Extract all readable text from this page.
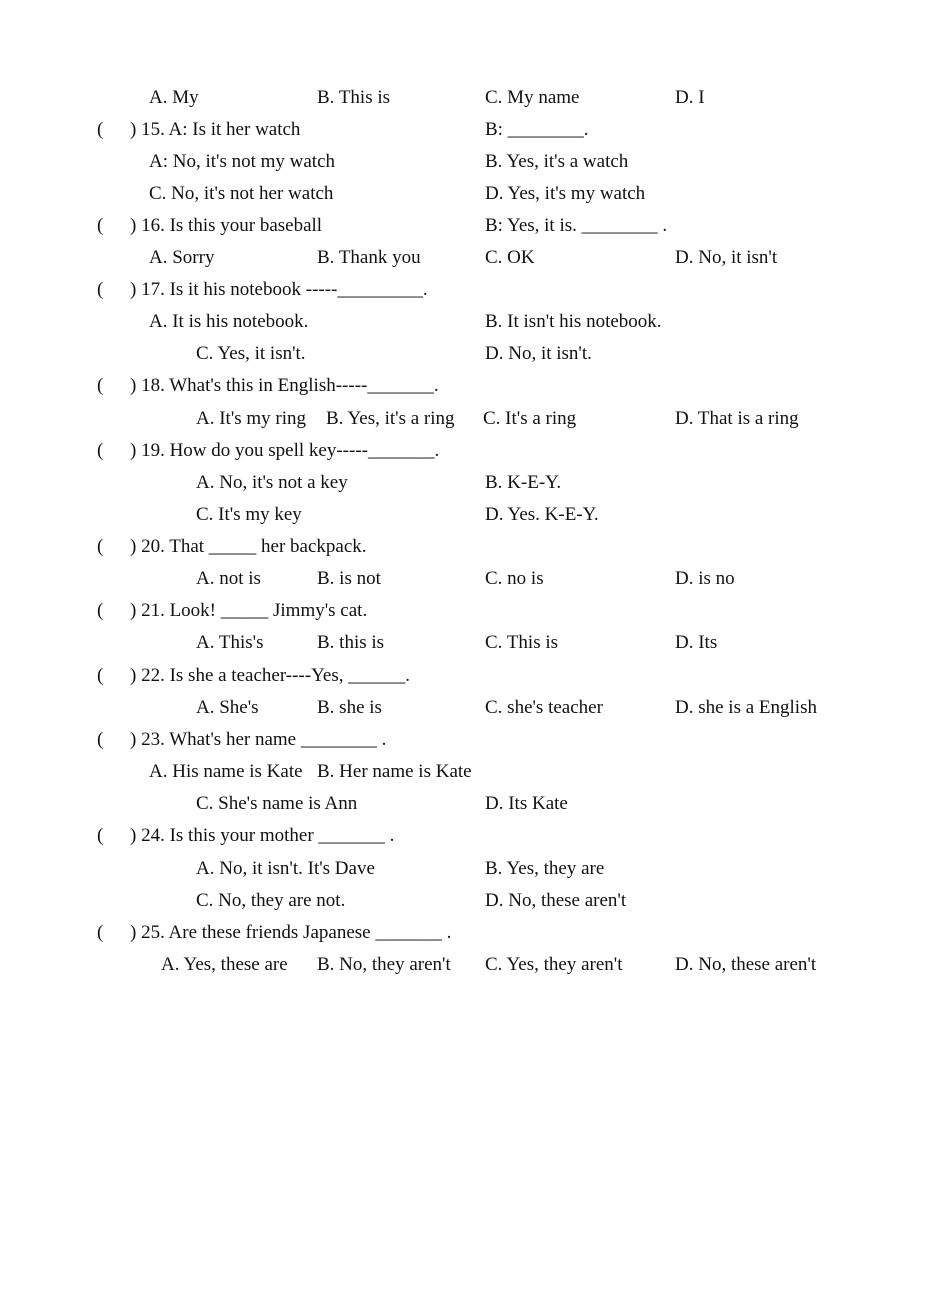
A. My	B. This is	C. My name	D. I
( ) 15. A: Is it her watch	B: ________.
A: No, it's not my watch	B. Yes, it's a watch
C. No, it's not her watch	D. Yes, it's my watch
( ) 16. Is this your baseball	B: Yes, it is. ________ .
A. Sorry	B. Thank you	C. OK	D. No, it isn't
( ) 17. Is it his notebook -----_________.
A. It is his notebook.	B. It isn't his notebook.
C. Yes, it isn't.	D. No, it isn't.
( ) 18. What's this in English-----_______.
A. It's my ring B. Yes, it's a ring C. It's a ring	D. That is a ring
( ) 19. How do you spell key-----_______.
A. No, it's not a key	B. K-E-Y.
C. It's my key	D. Yes. K-E-Y.
( ) 20. That _____ her backpack.
A. not is	B. is not	C. no is	D. is no
( ) 21. Look! _____ Jimmy's cat.
A. This's	B. this is	C. This is	D. Its
( ) 22. Is she a teacher----Yes, ______.
A. She's	B. she is	C. she's teacher	D. she is a English
( ) 23. What's her name ________ .
A. His name is Kate B. Her name is Kate
C. She's name is Ann	D. Its Kate
( ) 24. Is this your mother _______ .
A. No, it isn't. It's Dave	B. Yes, they are
C. No, they are not.	D. No, these aren't
( ) 25. Are these friends Japanese _______ .
A. Yes, these are B. No, they aren't C. Yes, they aren't	D. No, these aren't
